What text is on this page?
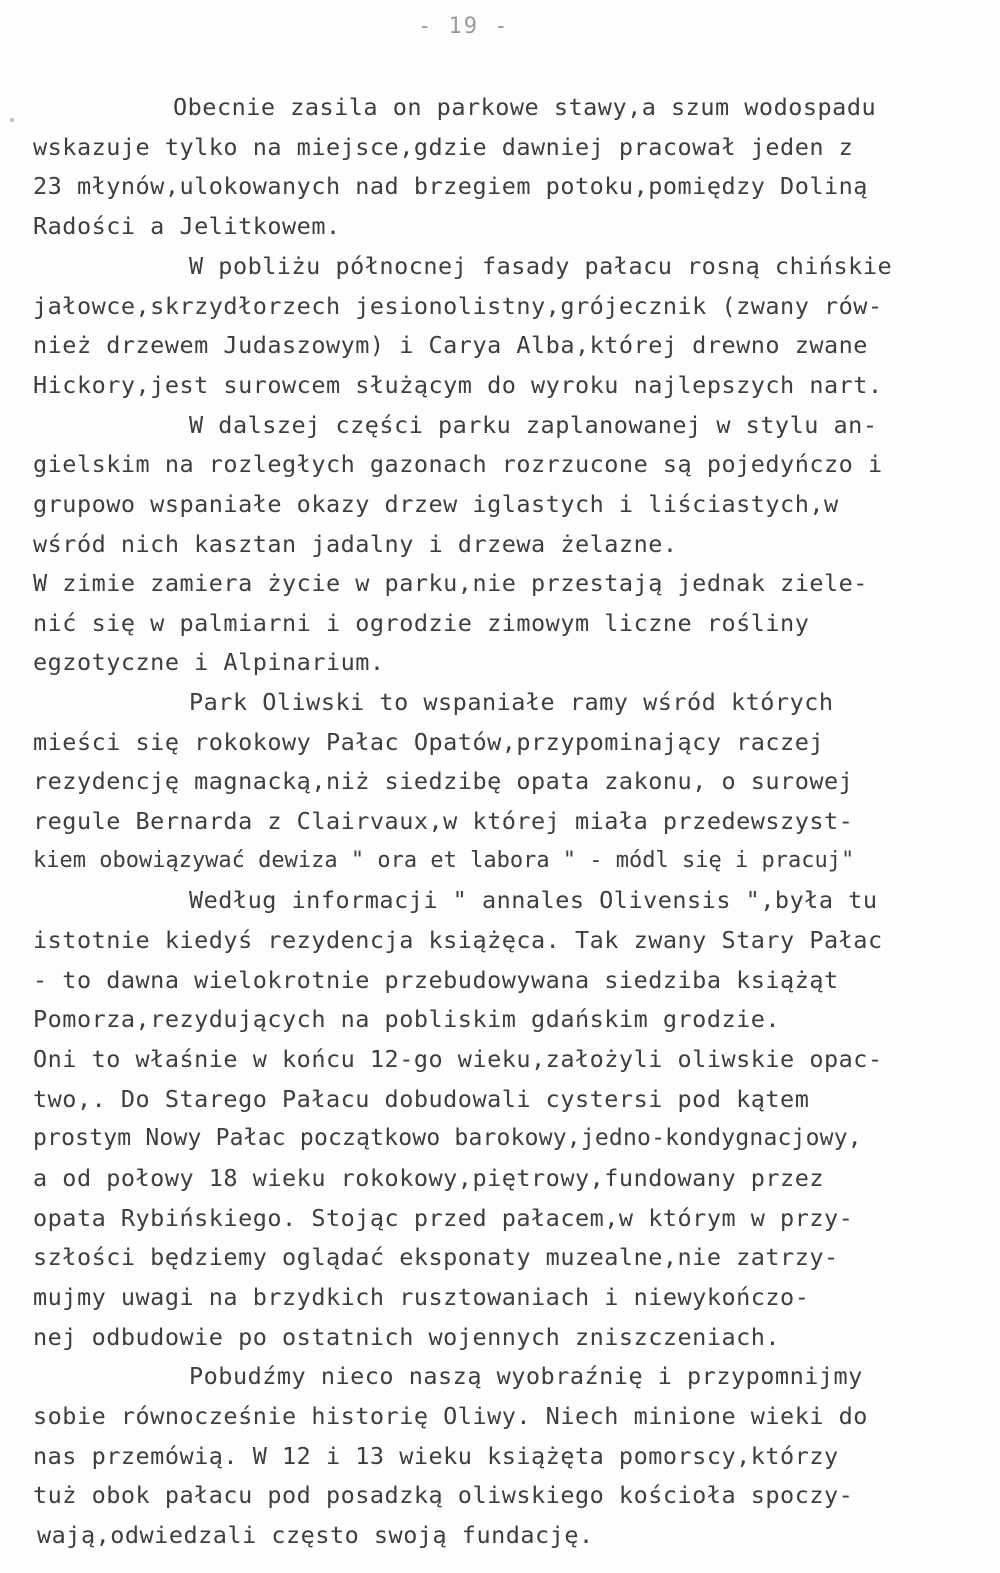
- 19 -
Obecnie zasila on parkowe stawy,a szum wodospadu
wskazuje tylko na miejsce,gdzie dawniej pracował jeden z
23 młynów,ulokowanych nad brzegiem potoku,pomiędzy Doliną
Radości a Jelitkowem.
W pobliżu północnej fasady pałacu rosną chińskie
jałowce,skrzydłorzech jesionolistny,grójecznik (zwany rów-
nież drzewem Judaszowym) i Carya Alba,której drewno zwane
Hickory,jest surowcem służącym do wyroku najlepszych nart.
W dalszej części parku zaplanowanej w stylu an-
gielskim na rozległych gazonach rozrzucone są pojedyńczo i
grupowo wspaniałe okazy drzew iglastych i liściastych,w
wśród nich kasztan jadalny i drzewa żelazne.
W zimie zamiera życie w parku,nie przestają jednak ziele-
nić się w palmiarni i ogrodzie zimowym liczne rośliny
egzotyczne i Alpinarium.
Park Oliwski to wspaniałe ramy wśród których
mieści się rokokowy Pałac Opatów,przypominający raczej
rezydencję magnacką,niż siedzibę opata zakonu, o surowej
regule Bernarda z Clairvaux,w której miała przedewszyst-
kiem obowiązywać dewiza " ora et labora " - módl się i pracuj"
Według informacji " annales Olivensis ",była tu
istotnie kiedyś rezydencja książęca. Tak zwany Stary Pałac
- to dawna wielokrotnie przebudowywana siedziba książąt
Pomorza,rezydujących na pobliskim gdańskim grodzie.
Oni to właśnie w końcu 12-go wieku,założyli oliwskie opac-
two,. Do Starego Pałacu dobudowali cystersi pod kątem
prostym Nowy Pałac początkowo barokowy,jedno-kondygnacjowy,
a od połowy 18 wieku rokokowy,piętrowy,fundowany przez
opata Rybińskiego. Stojąc przed pałacem,w którym w przy-
szłości będziemy oglądać eksponaty muzealne,nie zatrzy-
mujmy uwagi na brzydkich rusztowaniach i niewykończo-
nej odbudowie po ostatnich wojennych zniszczeniach.
Pobudźmy nieco naszą wyobraźnię i przypomnijmy
sobie równocześnie historię Oliwy. Niech minione wieki do
nas przemówią. W 12 i 13 wieku książęta pomorscy,którzy
tuż obok pałacu pod posadzką oliwskiego kościoła spoczy-
wają,odwiedzali często swoją fundację.
